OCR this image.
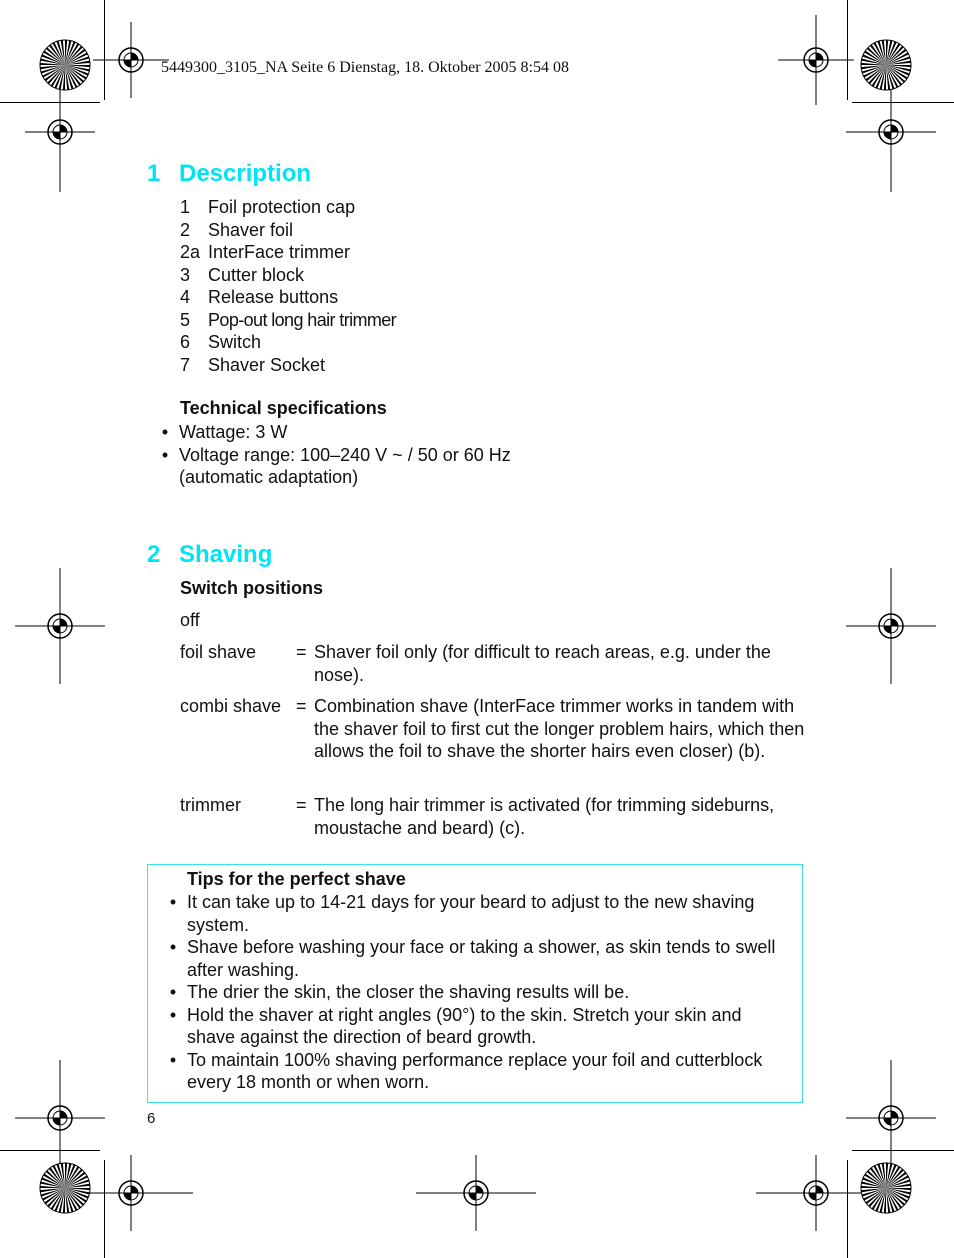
5449300_3105_NA Seite 6 Dienstag, 18. Oktober 2005 8:54 08
1 Description
1 Foil protection cap
2 Shaver foil
2a InterFace trimmer
3 Cutter block
4 Release buttons
5 Pop-out long hair trimmer
6 Switch
7 Shaver Socket
Technical specifications
• Wattage: 3 W
• Voltage range: 100–240 V ~ / 50 or 60 Hz
(automatic adaptation)
2 Shaving
Switch positions
off
foil shave = Shaver foil only (for difficult to reach areas, e.g. under the nose).
combi shave = Combination shave (InterFace trimmer works in tandem with the shaver foil to first cut the longer problem hairs, which then allows the foil to shave the shorter hairs even closer) (b).
trimmer	= The long hair trimmer is activated (for trimming sideburns, moustache and beard) (c).
Tips for the perfect shave
• It can take up to 14-21 days for your beard to adjust to the new shaving system.
• Shave before washing your face or taking a shower, as skin tends to swell after washing.
• The drier the skin, the closer the shaving results will be.
• Hold the shaver at right angles (90°) to the skin. Stretch your skin and shave against the direction of beard growth.
• To maintain 100% shaving performance replace your foil and cutterblock every 18 month or when worn.
6
